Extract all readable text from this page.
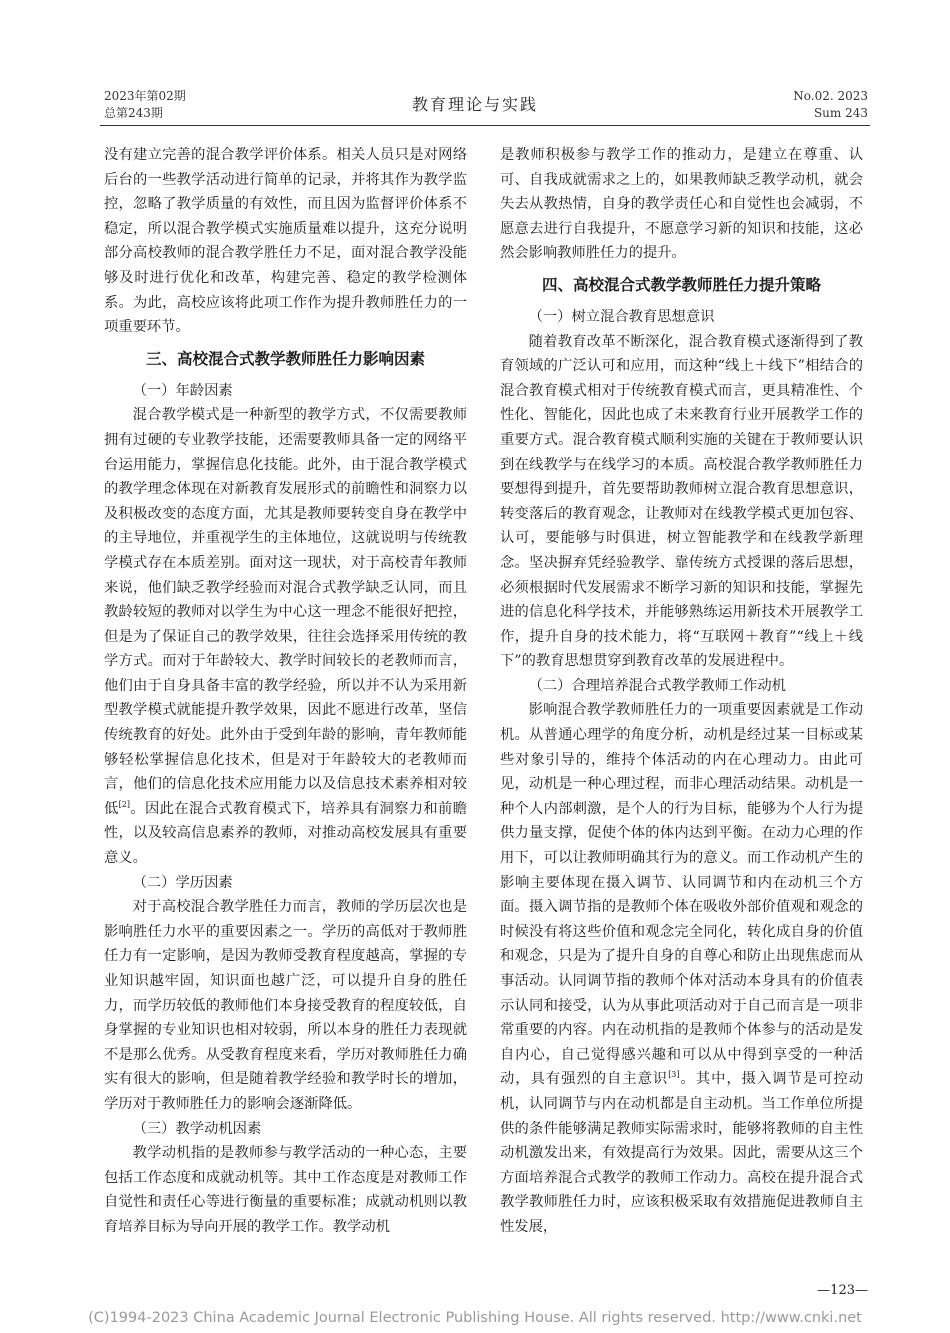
2023年第02期
总第243期	教育理论与实践	No.02. 2023
Sum 243

没有建立完善的混合教学评价体系。相关人员只是对网络后台的一些教学活动进行简单的记录，并将其作为教学监控，忽略了教学质量的有效性，而且因为监督评价体系不稳定，所以混合教学模式实施质量难以提升，这充分说明部分高校教师的混合教学胜任力不足，面对混合教学没能够及时进行优化和改革，构建完善、稳定的教学检测体系。为此，高校应该将此项工作作为提升教师胜任力的一项重要环节。

三、高校混合式教学教师胜任力影响因素
（一）年龄因素

混合教学模式是一种新型的教学方式，不仅需要教师拥有过硬的专业教学技能，还需要教师具备一定的网络平台运用能力，掌握信息化技能。此外，由于混合教学模式的教学理念体现在对新教育发展形式的前瞻性和洞察力以及积极改变的态度方面，尤其是教师要转变自身在教学中的主导地位，并重视学生的主体地位，这就说明与传统教学模式存在本质差别。面对这一现状，对于高校青年教师来说，他们缺乏教学经验而对混合式教学缺乏认同，而且教龄较短的教师对以学生为中心这一理念不能很好把控，但是为了保证自己的教学效果，往往会选择采用传统的教学方式。而对于年龄较大、教学时间较长的老教师而言，他们由于自身具备丰富的教学经验，所以并不认为采用新型教学模式就能提升教学效果，因此不愿进行改革，坚信传统教育的好处。此外由于受到年龄的影响，青年教师能够轻松掌握信息化技术，但是对于年龄较大的老教师而言，他们的信息化技术应用能力以及信息技术素养相对较低[2]。因此在混合式教育模式下，培养具有洞察力和前瞻性，以及较高信息素养的教师，对推动高校发展具有重要意义。

（二）学历因素

对于高校混合教学胜任力而言，教师的学历层次也是影响胜任力水平的重要因素之一。学历的高低对于教师胜任力有一定影响，是因为教师受教育程度越高，掌握的专业知识越牢固，知识面也越广泛，可以提升自身的胜任力，而学历较低的教师他们本身接受教育的程度较低，自身掌握的专业知识也相对较弱，所以本身的胜任力表现就不是那么优秀。从受教育程度来看，学历对教师胜任力确实有很大的影响，但是随着教学经验和教学时长的增加，学历对于教师胜任力的影响会逐渐降低。

（三）教学动机因素

教学动机指的是教师参与教学活动的一种心态，主要包括工作态度和成就动机等。其中工作态度是对教师工作自觉性和责任心等进行衡量的重要标准；成就动机则以教育培养目标为导向开展的教学工作。教学动机

是教师积极参与教学工作的推动力，是建立在尊重、认可、自我成就需求之上的，如果教师缺乏教学动机，就会失去从教热情，自身的教学责任心和自觉性也会减弱，不愿意去进行自我提升，不愿意学习新的知识和技能，这必然会影响教师胜任力的提升。

四、高校混合式教学教师胜任力提升策略
（一）树立混合教育思想意识

随着教育改革不断深化，混合教育模式逐渐得到了教育领域的广泛认可和应用，而这种“线上＋线下”相结合的混合教育模式相对于传统教育模式而言，更具精准性、个性化、智能化，因此也成了未来教育行业开展教学工作的重要方式。混合教育模式顺利实施的关键在于教师要认识到在线教学与在线学习的本质。高校混合教学教师胜任力要想得到提升，首先要帮助教师树立混合教育思想意识，转变落后的教育观念，让教师对在线教学模式更加包容、认可，要能够与时俱进，树立智能教学和在线教学新理念。坚决摒弃凭经验教学、靠传统方式授课的落后思想，必须根据时代发展需求不断学习新的知识和技能，掌握先进的信息化科学技术，并能够熟练运用新技术开展教学工作，提升自身的技术能力，将“互联网＋教育”“线上＋线下”的教育思想贯穿到教育改革的发展进程中。

（二）合理培养混合式教学教师工作动机

影响混合教学教师胜任力的一项重要因素就是工作动机。从普通心理学的角度分析，动机是经过某一目标或某些对象引导的，维持个体活动的内在心理动力。由此可见，动机是一种心理过程，而非心理活动结果。动机是一种个人内部刺激，是个人的行为目标，能够为个人行为提供力量支撑，促使个体的体内达到平衡。在动力心理的作用下，可以让教师明确其行为的意义。而工作动机产生的影响主要体现在摄入调节、认同调节和内在动机三个方面。摄入调节指的是教师个体在吸收外部价值观和观念的时候没有将这些价值和观念完全同化，转化成自身的价值和观念，只是为了提升自身的自尊心和防止出现焦虑而从事活动。认同调节指的教师个体对活动本身具有的价值表示认同和接受，认为从事此项活动对于自己而言是一项非常重要的内容。内在动机指的是教师个体参与的活动是发自内心，自己觉得感兴趣和可以从中得到享受的一种活动，具有强烈的自主意识[3]。其中，摄入调节是可控动机，认同调节与内在动机都是自主动机。当工作单位所提供的条件能够满足教师实际需求时，能够将教师的自主性动机激发出来，有效提高行为效果。因此，需要从这三个方面培养混合式教学的教师工作动力。高校在提升混合式教学教师胜任力时，应该积极采取有效措施促进教师自主性发展，

—123—
(C)1994-2023 China Academic Journal Electronic Publishing House. All rights reserved. http://www.cnki.net
